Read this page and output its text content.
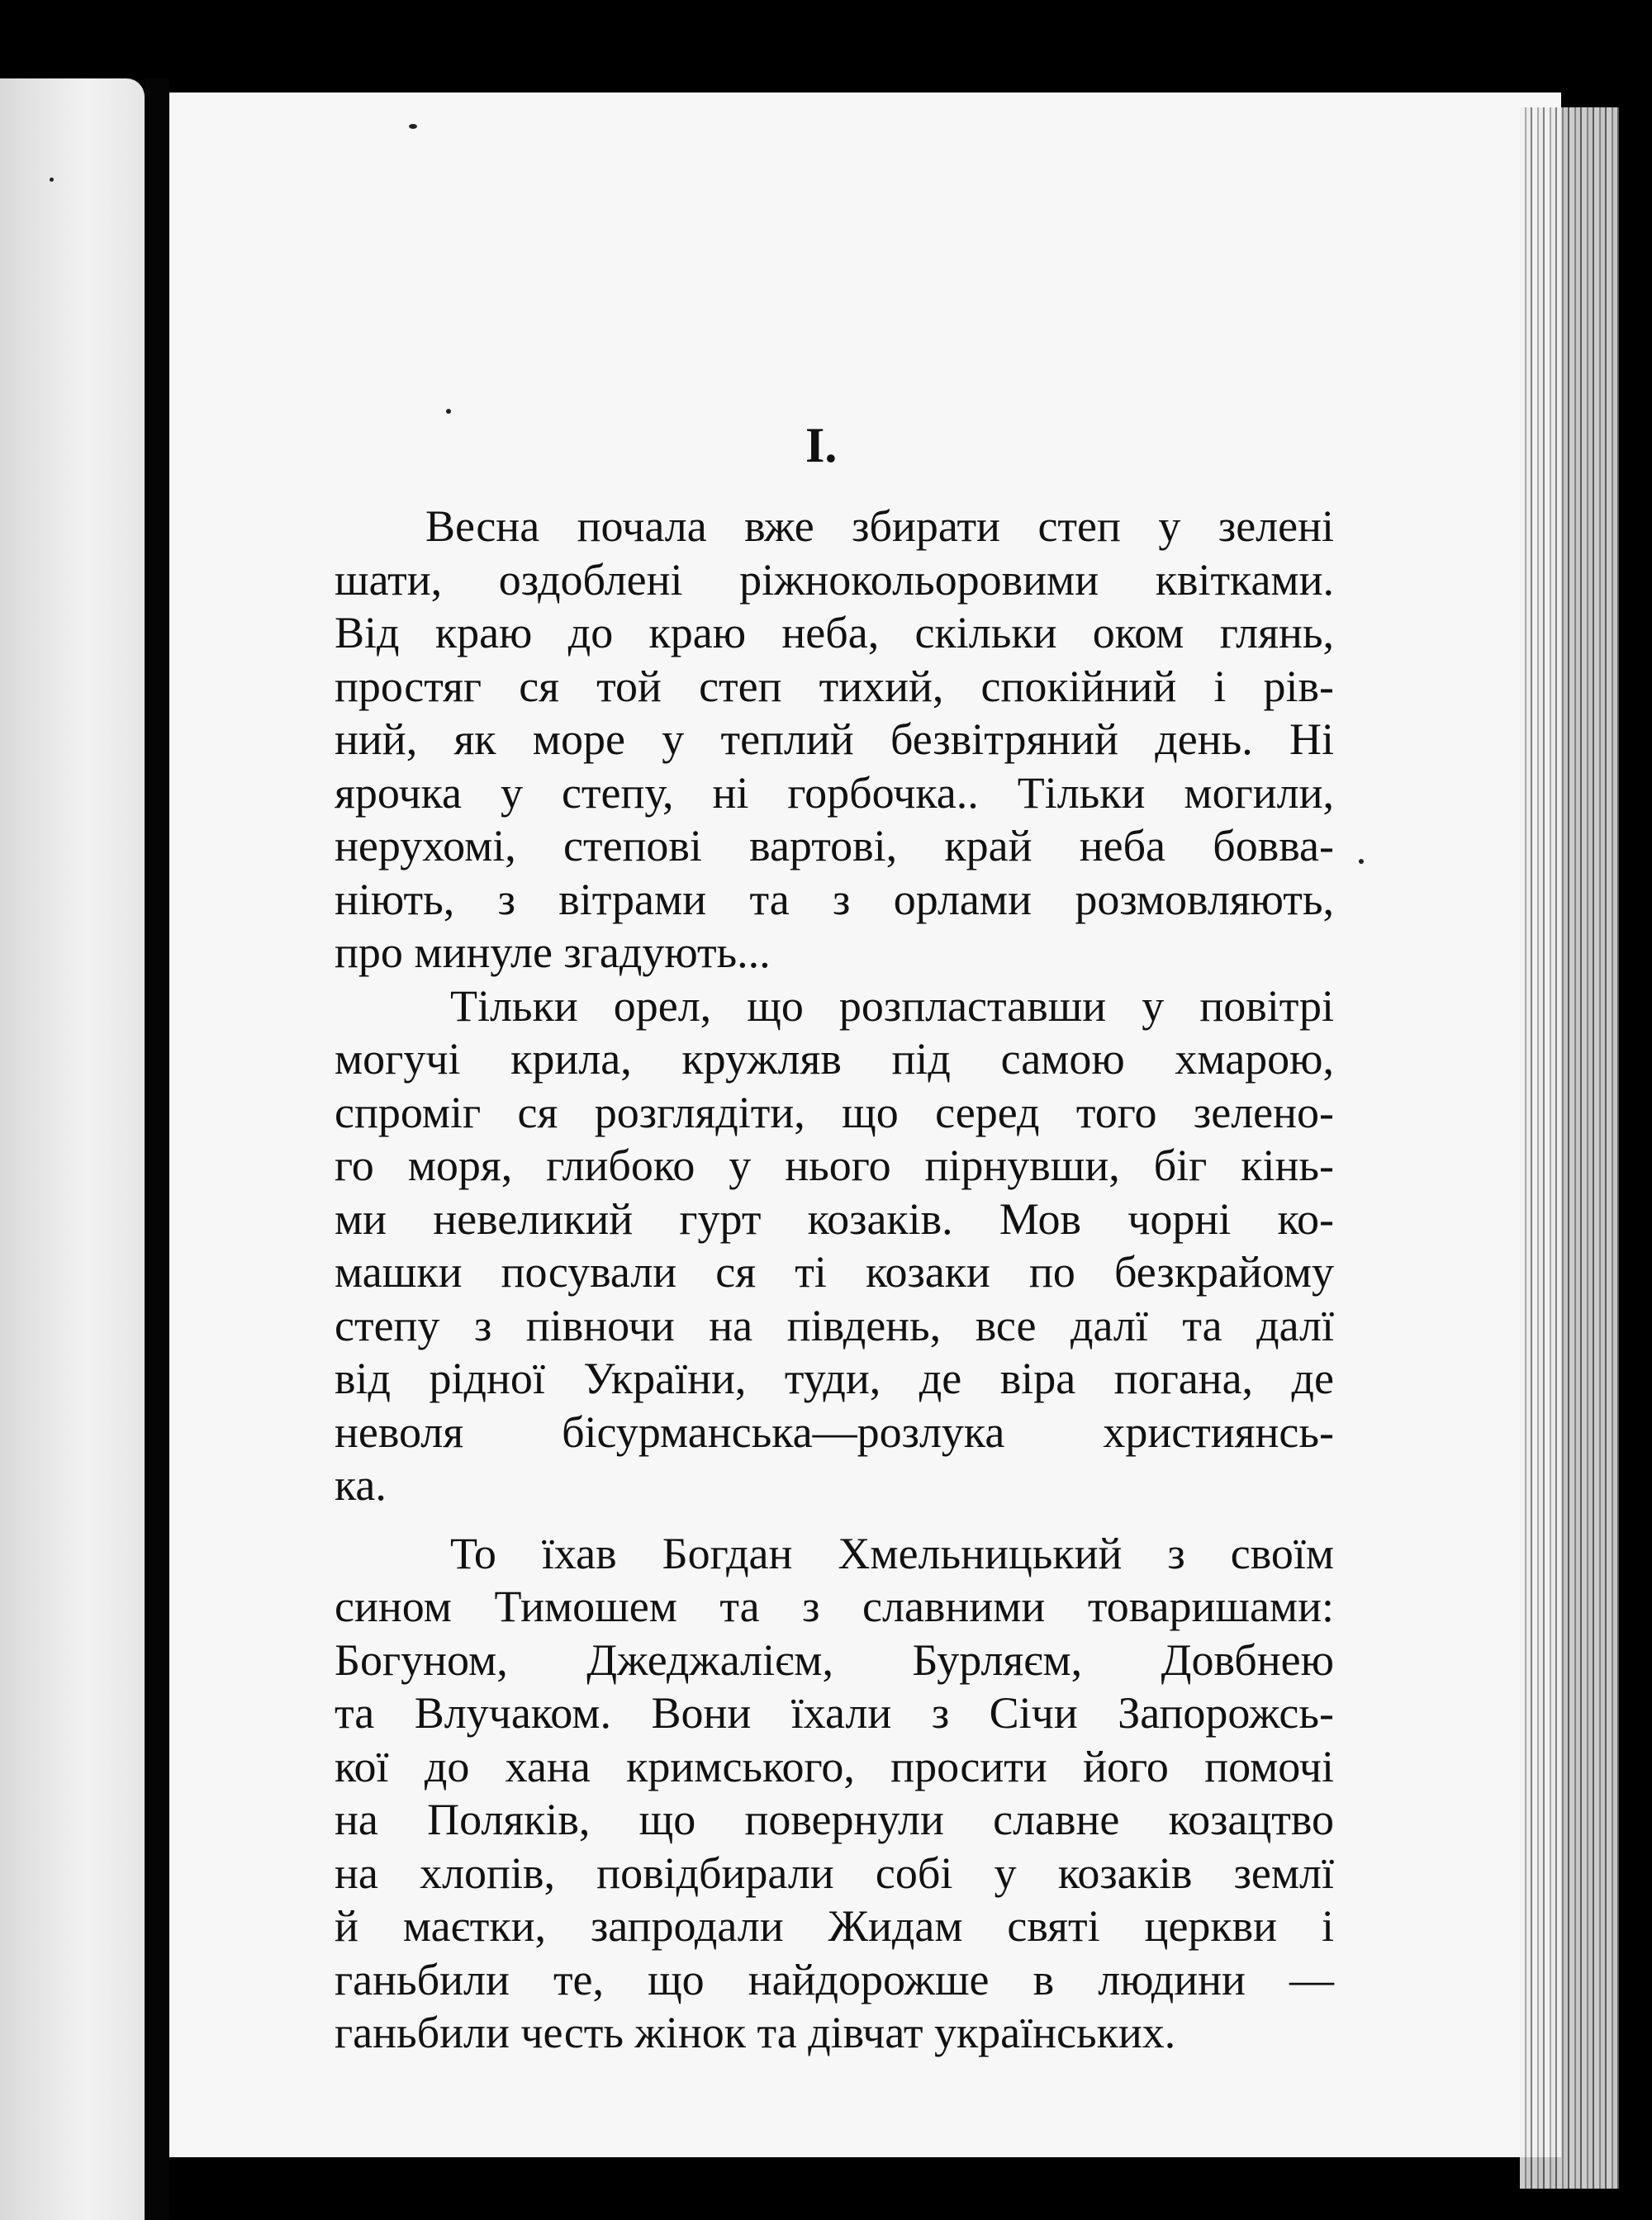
I.
Весна почала вже збирати степ у зелені
шати, оздоблені ріжнокольоровими квітками.
Від краю до краю неба, скільки оком глянь,
простяг ся той степ тихий, спокійний і рів-
ний, як море у теплий безвітряний день. Ні
ярочка у степу, ні горбочка.. Тільки могили,
нерухомі, степові вартові, край неба бовва-
ніють, з вітрами та з орлами розмовляють,
про минуле згадують...
Тільки орел, що розпластавши у повітрі
могучі крила, кружляв під самою хмарою,
спроміг ся розглядіти, що серед того зелено-
го моря, глибоко у нього пірнувши, біг кінь-
ми невеликий гурт козаків. Мов чорні ко-
машки посували ся ті козаки по безкрайому
степу з півночи на південь, все далї та далї
від рідної України, туди, де віра погана, де
неволя бісурманська—розлука християнсь-
ка.
То їхав Богдан Хмельницький з своїм
сином Тимошем та з славними товаришами:
Богуном, Джеджалієм, Бурляєм, Довбнею
та Влучаком. Вони їхали з Січи Запорожсь-
кої до хана кримського, просити його помочі
на Поляків, що повернули славне козацтво
на хлопів, повідбирали собі у козаків землї
й маєтки, запродали Жидам святі церкви і
ганьбили те, що найдорожше в людини —
ганьбили честь жінок та дівчат українських.
